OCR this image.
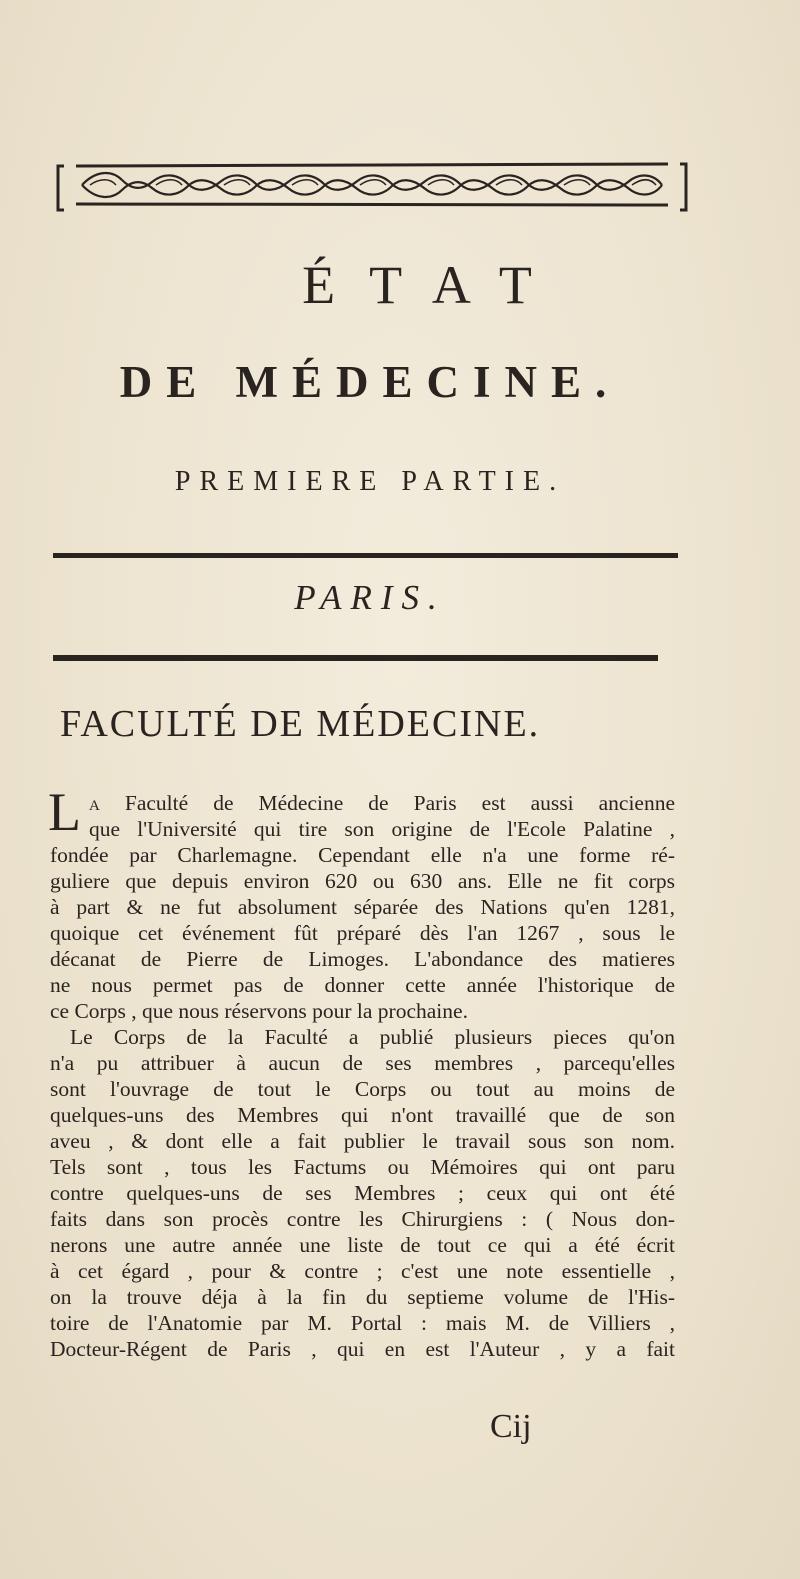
ÉTAT
DE MÉDECINE.
PREMIERE PARTIE.
PARIS.
FACULTÉ DE MÉDECINE.

L a Faculté de Médecine de Paris est aussi ancienne
que l'Université qui tire son origine de l'Ecole Palatine ,
fondée par Charlemagne. Cependant elle n'a une forme ré-
guliere que depuis environ 620 ou 630 ans. Elle ne fit corps
à part & ne fut absolument séparée des Nations qu'en 1281,
quoique cet événement fût préparé dès l'an 1267 , sous le
décanat de Pierre de Limoges. L'abondance des matieres
ne nous permet pas de donner cette année l'historique de
ce Corps , que nous réservons pour la prochaine.

Le Corps de la Faculté a publié plusieurs pieces qu'on
n'a pu attribuer à aucun de ses membres , parcequ'elles
sont l'ouvrage de tout le Corps ou tout au moins de
quelques-uns des Membres qui n'ont travaillé que de son
aveu , & dont elle a fait publier le travail sous son nom.
Tels sont , tous les Factums ou Mémoires qui ont paru
contre quelques-uns de ses Membres ; ceux qui ont été
faits dans son procès contre les Chirurgiens : ( Nous don-
nerons une autre année une liste de tout ce qui a été écrit
à cet égard , pour & contre ; c'est une note essentielle ,
on la trouve déja à la fin du septieme volume de l'His-
toire de l'Anatomie par M. Portal : mais M. de Villiers ,
Docteur-Régent de Paris , qui en est l'Auteur , y a fait

Cij
